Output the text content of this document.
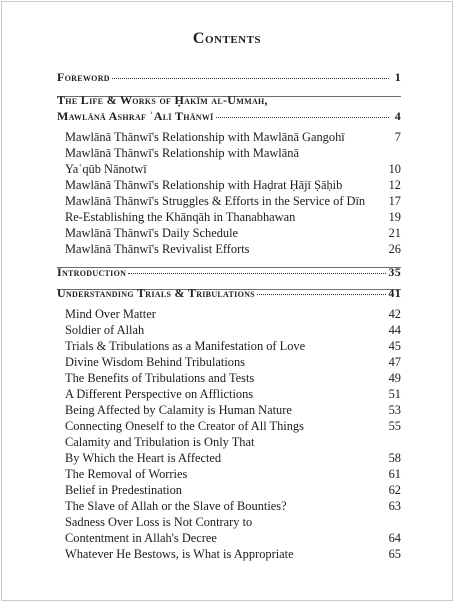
Contents
Foreword	1
The Life & Works of Ḥakīm al-Ummah,
Mawlānā Ashraf ʿAlī Thānwī	4
Mawlānā Thānwī's Relationship with Mawlānā Gangohī	7
Mawlānā Thānwī's Relationship with Mawlānā
Yaʿqūb Nānotwī	10
Mawlānā Thānwī's Relationship with Haḍrat Ḥājī Ṣāḥib	12
Mawlānā Thānwī's Struggles & Efforts in the Service of Dīn 17
Re-Establishing the Khānqāh in Thanabhawan	19
Mawlānā Thānwī's Daily Schedule	21
Mawlānā Thānwī's Revivalist Efforts	26
Introduction	35
Understanding Trials & Tribulations	41
Mind Over Matter	42
Soldier of Allah	44
Trials & Tribulations as a Manifestation of Love	45
Divine Wisdom Behind Tribulations	47
The Benefits of Tribulations and Tests	49
A Different Perspective on Afflictions	51
Being Affected by Calamity is Human Nature	53
Connecting Oneself to the Creator of All Things	55
Calamity and Tribulation is Only That
By Which the Heart is Affected	58
The Removal of Worries	61
Belief in Predestination	62
The Slave of Allah or the Slave of Bounties?	63
Sadness Over Loss is Not Contrary to
Contentment in Allah's Decree	64
Whatever He Bestows, is What is Appropriate	65
